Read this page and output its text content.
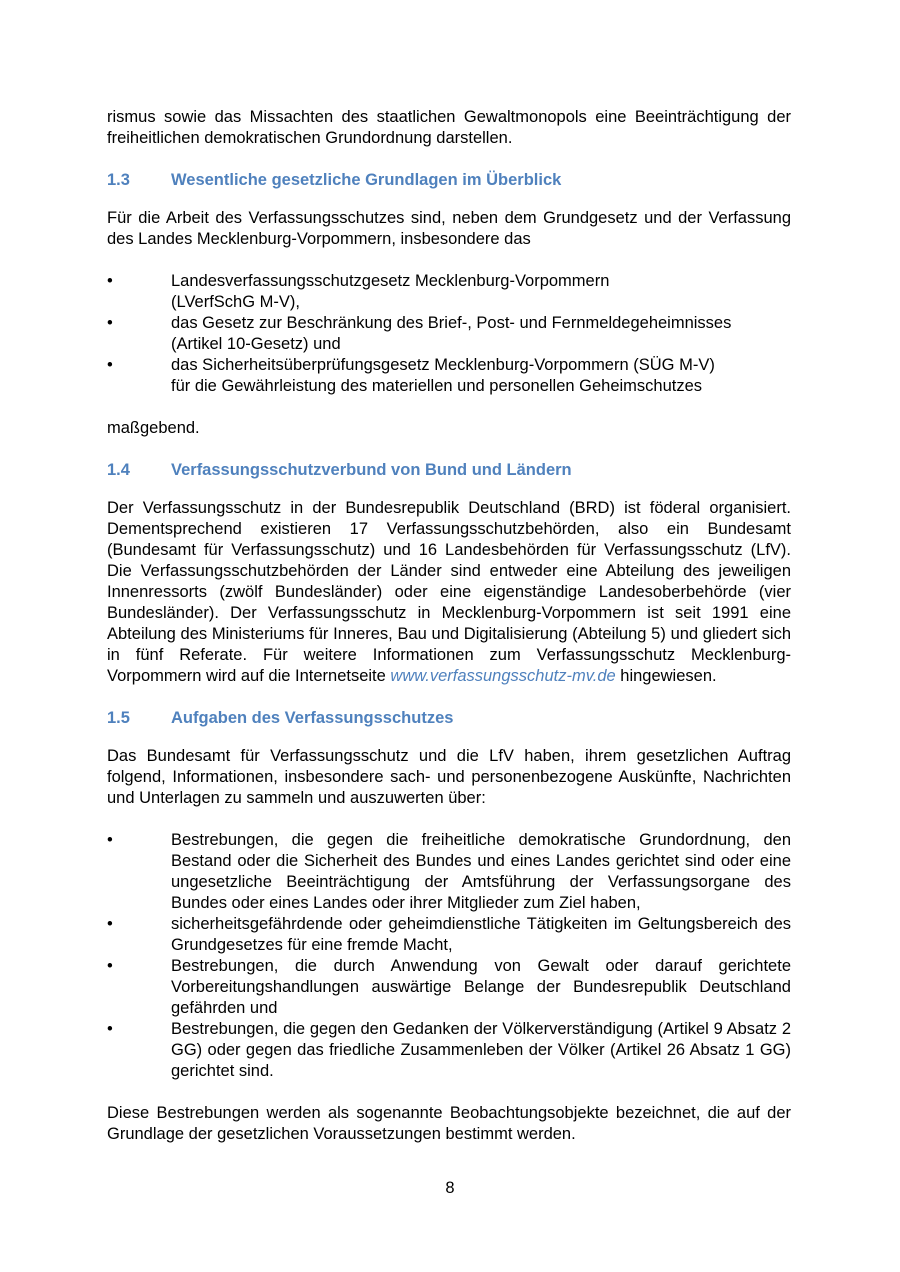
rismus sowie das Missachten des staatlichen Gewaltmonopols eine Beeinträchtigung der freiheitlichen demokratischen Grundordnung darstellen.

1.3	Wesentliche gesetzliche Grundlagen im Überblick

Für die Arbeit des Verfassungsschutzes sind, neben dem Grundgesetz und der Verfassung des Landes Mecklenburg-Vorpommern, insbesondere das

•	Landesverfassungsschutzgesetz Mecklenburg-Vorpommern
(LVerfSchG M-V),
•	das Gesetz zur Beschränkung des Brief-, Post- und Fernmeldegeheimnisses
(Artikel 10-Gesetz) und
•	das Sicherheitsüberprüfungsgesetz Mecklenburg-Vorpommern (SÜG M-V)
für die Gewährleistung des materiellen und personellen Geheimschutzes

maßgebend.

1.4	Verfassungsschutzverbund von Bund und Ländern

Der Verfassungsschutz in der Bundesrepublik Deutschland (BRD) ist föderal organisiert. Dementsprechend existieren 17 Verfassungsschutzbehörden, also ein Bundesamt (Bundesamt für Verfassungsschutz) und 16 Landesbehörden für Verfassungsschutz (LfV). Die Verfassungsschutzbehörden der Länder sind entweder eine Abteilung des jeweiligen Innenressorts (zwölf Bundesländer) oder eine eigenständige Landesoberbehörde (vier Bundesländer). Der Verfassungsschutz in Mecklenburg-Vorpommern ist seit 1991 eine Abteilung des Ministeriums für Inneres, Bau und Digitalisierung (Abteilung 5) und gliedert sich in fünf Referate. Für weitere Informationen zum Verfassungsschutz Mecklenburg-Vorpommern wird auf die Internetseite www.verfassungsschutz-mv.de hingewiesen.

1.5	Aufgaben des Verfassungsschutzes

Das Bundesamt für Verfassungsschutz und die LfV haben, ihrem gesetzlichen Auftrag folgend, Informationen, insbesondere sach- und personenbezogene Auskünfte, Nachrichten und Unterlagen zu sammeln und auszuwerten über:

•	Bestrebungen, die gegen die freiheitliche demokratische Grundordnung, den Bestand oder die Sicherheit des Bundes und eines Landes gerichtet sind oder eine ungesetzliche Beeinträchtigung der Amtsführung der Verfassungsorgane des Bundes oder eines Landes oder ihrer Mitglieder zum Ziel haben,
•	sicherheitsgefährdende oder geheimdienstliche Tätigkeiten im Geltungsbereich des Grundgesetzes für eine fremde Macht,
•	Bestrebungen, die durch Anwendung von Gewalt oder darauf gerichtete Vorbereitungshandlungen auswärtige Belange der Bundesrepublik Deutschland gefährden und
•	Bestrebungen, die gegen den Gedanken der Völkerverständigung (Artikel 9 Absatz 2 GG) oder gegen das friedliche Zusammenleben der Völker (Artikel 26 Absatz 1 GG) gerichtet sind.

Diese Bestrebungen werden als sogenannte Beobachtungsobjekte bezeichnet, die auf der Grundlage der gesetzlichen Voraussetzungen bestimmt werden.

8
